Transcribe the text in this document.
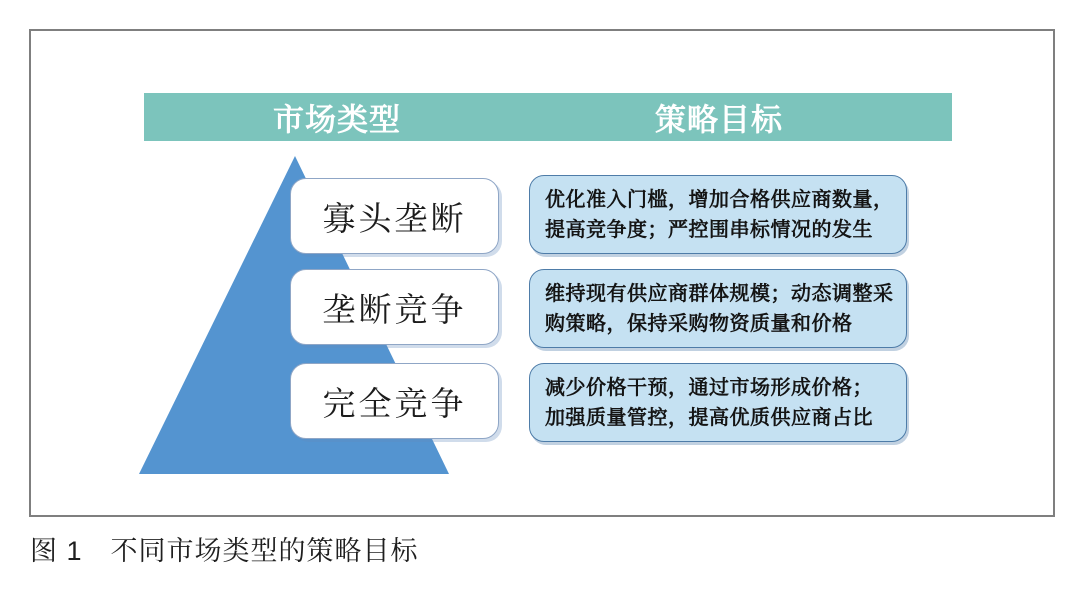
市场类型	策略目标
寡头垄断
垄断竞争
完全竞争
优化准入门槛，增加合格供应商数量，
提高竞争度；严控围串标情况的发生
维持现有供应商群体规模；动态调整采
购策略，保持采购物资质量和价格
减少价格干预，通过市场形成价格；
加强质量管控，提高优质供应商占比
图 1　不同市场类型的策略目标
